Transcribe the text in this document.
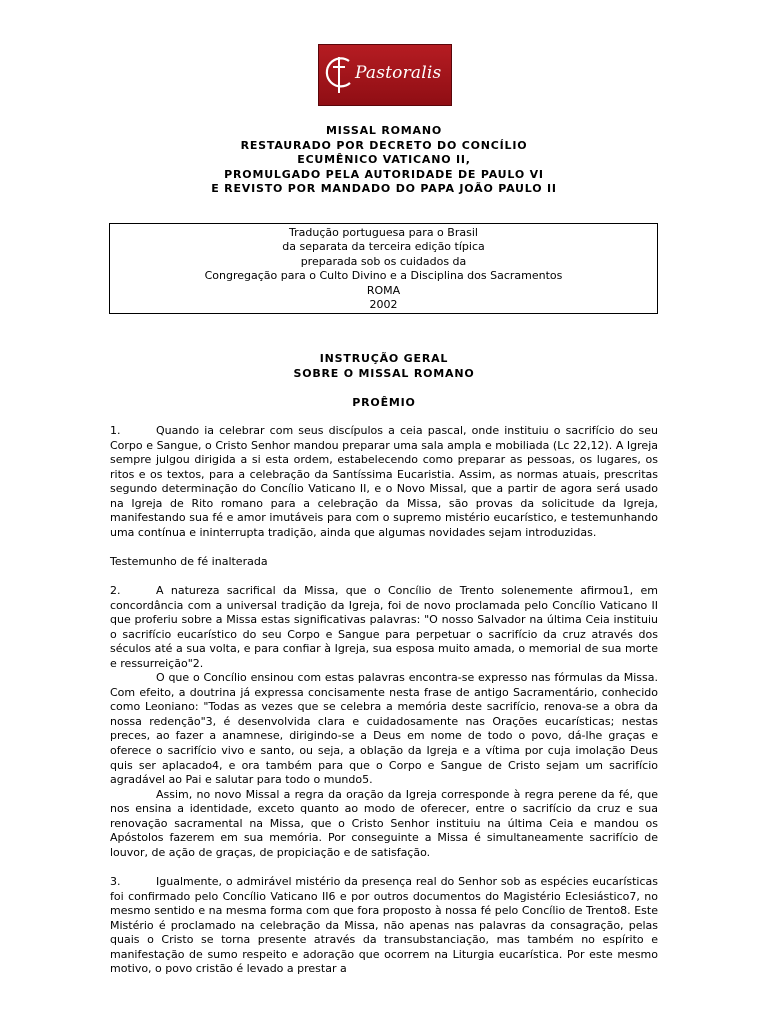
Pastoralis
MISSAL ROMANO
RESTAURADO POR DECRETO DO CONCÍLIO
ECUMÊNICO VATICANO II,
PROMULGADO PELA AUTORIDADE DE PAULO VI
E REVISTO POR MANDADO DO PAPA JOÃO PAULO II
Tradução portuguesa para o Brasil
da separata da terceira edição típica
preparada sob os cuidados da
Congregação para o Culto Divino e a Disciplina dos Sacramentos
ROMA
2002
INSTRUÇÃO GERAL
SOBRE O MISSAL ROMANO
PROÊMIO

1.	Quando ia celebrar com seus discípulos a ceia pascal, onde instituiu o sacrifício do seu Corpo e Sangue, o Cristo Senhor mandou preparar uma sala ampla e mobiliada (Lc 22,12). A Igreja sempre julgou dirigida a si esta ordem, estabelecendo como preparar as pessoas, os lugares, os ritos e os textos, para a celebração da Santíssima Eucaristia. Assim, as normas atuais, prescritas segundo determinação do Concílio Vaticano II, e o Novo Missal, que a partir de agora será usado na Igreja de Rito romano para a celebração da Missa, são provas da solicitude da Igreja, manifestando sua fé e amor imutáveis para com o supremo mistério eucarístico, e testemunhando uma contínua e ininterrupta tradição, ainda que algumas novidades sejam introduzidas.

Testemunho de fé inalterada

2.	A natureza sacrifical da Missa, que o Concílio de Trento solenemente afirmou1, em concordância com a universal tradição da Igreja, foi de novo proclamada pelo Concílio Vaticano II que proferiu sobre a Missa estas significativas palavras: "O nosso Salvador na última Ceia instituiu o sacrifício eucarístico do seu Corpo e Sangue para perpetuar o sacrifício da cruz através dos séculos até a sua volta, e para confiar à Igreja, sua esposa muito amada, o memorial de sua morte e ressurreição"2.

O que o Concílio ensinou com estas palavras encontra-se expresso nas fórmulas da Missa. Com efeito, a doutrina já expressa concisamente nesta frase de antigo Sacramentário, conhecido como Leoniano: "Todas as vezes que se celebra a memória deste sacrifício, renova-se a obra da nossa redenção"3, é desenvolvida clara e cuidadosamente nas Orações eucarísticas; nestas preces, ao fazer a anamnese, dirigindo-se a Deus em nome de todo o povo, dá-lhe graças e oferece o sacrifício vivo e santo, ou seja, a oblação da Igreja e a vítima por cuja imolação Deus quis ser aplacado4, e ora também para que o Corpo e Sangue de Cristo sejam um sacrifício agradável ao Pai e salutar para todo o mundo5.

Assim, no novo Missal a regra da oração da Igreja corresponde à regra perene da fé, que nos ensina a identidade, exceto quanto ao modo de oferecer, entre o sacrifício da cruz e sua renovação sacramental na Missa, que o Cristo Senhor instituiu na última Ceia e mandou os Apóstolos fazerem em sua memória. Por conseguinte a Missa é simultaneamente sacrifício de louvor, de ação de graças, de propiciação e de satisfação.

3.	Igualmente, o admirável mistério da presença real do Senhor sob as espécies eucarísticas foi confirmado pelo Concílio Vaticano II6 e por outros documentos do Magistério Eclesiástico7, no mesmo sentido e na mesma forma com que fora proposto à nossa fé pelo Concílio de Trento8. Este Mistério é proclamado na celebração da Missa, não apenas nas palavras da consagração, pelas quais o Cristo se torna presente através da transubstanciação, mas também no espírito e manifestação de sumo respeito e adoração que ocorrem na Liturgia eucarística. Por este mesmo motivo, o povo cristão é levado a prestar a
